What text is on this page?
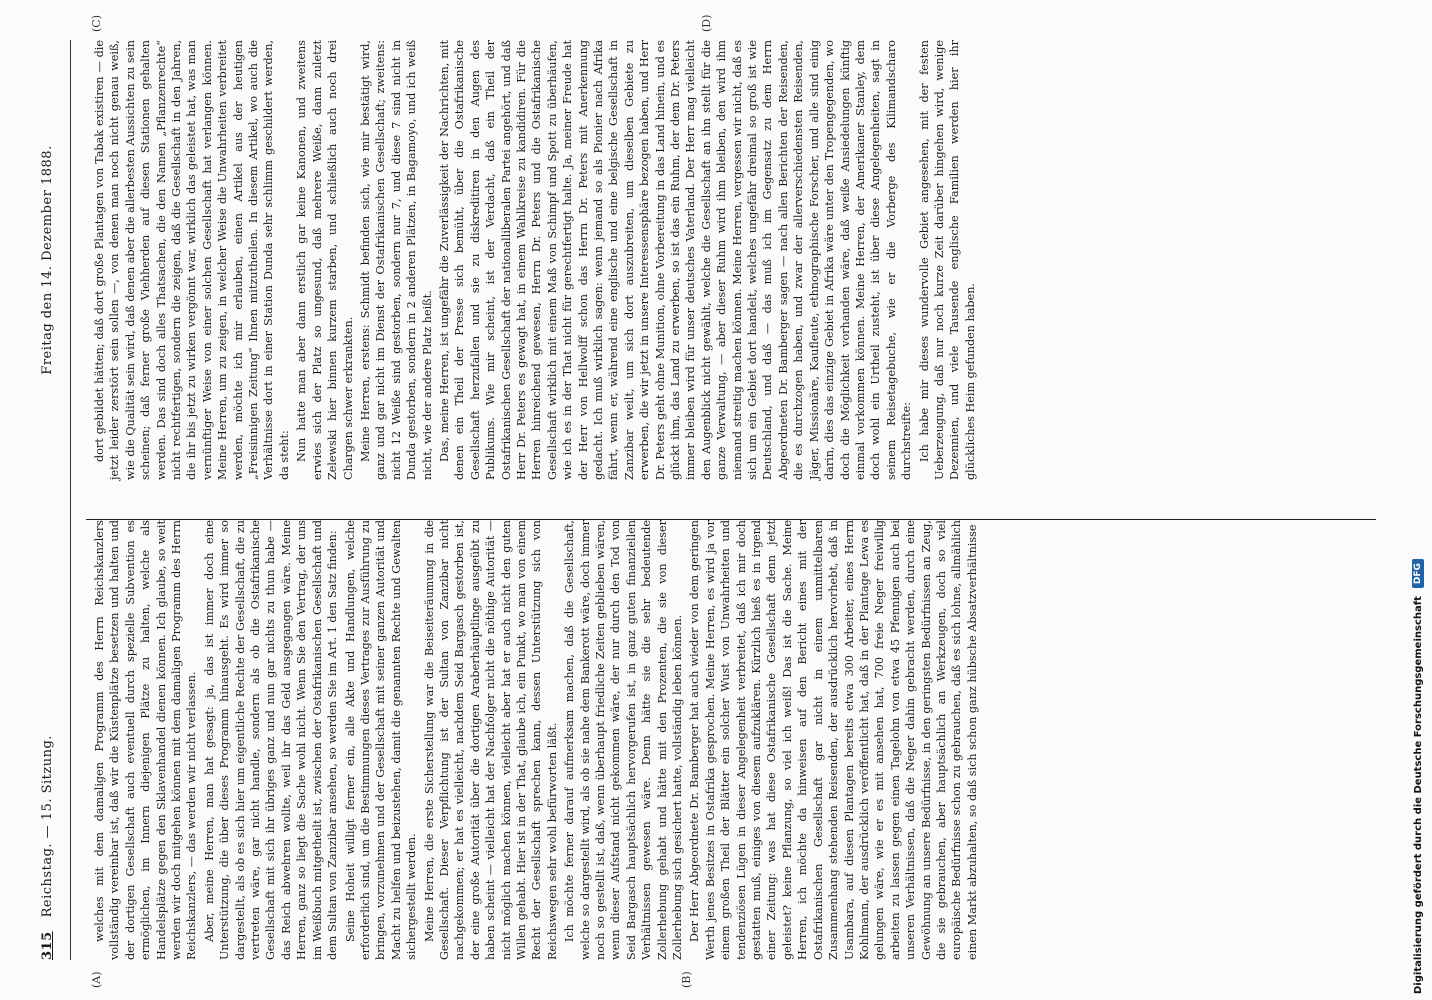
315
Reichstag. — 15. Sitzung.
Freitag den 14. Dezember 1888.
(A)	(B)
(C)	(D)

welches mit dem damaligen Programm des Herrn Reichskanzlers vollständig vereinbar ist, daß wir die Küstenplätze besetzen und halten und der dortigen Gesellschaft auch eventuell durch spezielle Subvention es ermöglichen, im Innern diejenigen Plätze zu halten, welche als Handelsplätze gegen den Sklavenhandel dienen können. Ich glaube, so weit werden wir doch mitgehen können mit dem damaligen Programm des Herrn Reichskanzlers, — das werden wir nicht verlassen. Aber, meine Herren, man hat gesagt: ja, das ist immer doch eine Unterstützung, die über dieses Programm hinausgeht. Es wird immer so dargestellt, als ob es sich hier um eigentliche Rechte der Gesellschaft, die zu vertreten wäre, gar nicht handle, sondern als ob die Ostafrikanische Gesellschaft mit sich ihr übriges ganz und nun gar nichts zu thun habe — das Reich abwehren wollte, weil ihr das Geld ausgegangen wäre. Meine Herren, ganz so liegt die Sache wohl nicht. Wenn Sie den Vertrag, der uns im Weißbuch mitgetheilt ist, zwischen der Ostafrikanischen Gesellschaft und dem Sultan von Zanzibar ansehen, so werden Sie im Art. 1 den Satz finden: Seine Hoheit willigt ferner ein, alle Akte und Handlungen, welche erforderlich sind, um die Bestimmungen dieses Vertrages zur Ausführung zu bringen, vorzunehmen und der Gesellschaft mit seiner ganzen Autorität und Macht zu helfen und beizustehen, damit die genannten Rechte und Gewalten sichergestellt werden. Meine Herren, die erste Sicherstellung war die Beiseiteräumung in die Gesellschaft. Dieser Verpflichtung ist der Sultan von Zanzibar nicht nachgekommen; er hat es vielleicht, nachdem Seid Bargasch gestorben ist, der eine große Autorität über die dortigen Araberhäuptlinge ausgeübt zu haben scheint — vielleicht hat der Nachfolger nicht die nöthige Autorität — nicht möglich machen können, vielleicht aber hat er auch nicht den guten Willen gehabt. Hier ist in der That, glaube ich, ein Punkt, wo man von einem Recht der Gesellschaft sprechen kann, dessen Unterstützung sich von Reichswegen sehr wohl befürworten läßt. Ich möchte ferner darauf aufmerksam machen, daß die Gesellschaft, welche so dargestellt wird, als ob sie nahe dem Bankerott wäre, doch immer noch so gestellt ist, daß, wenn überhaupt friedliche Zeiten geblieben wären, wenn dieser Aufstand nicht gekommen wäre, der nur durch den Tod von Seid Bargasch hauptsächlich hervorgerufen ist, in ganz guten finanziellen Verhältnissen gewesen wäre. Denn hätte sie die sehr bedeutende Zollerhebung gehabt und hätte mit den Prozenten, die sie von dieser Zollerhebung sich gesichert hatte, vollständig leben können. Der Herr Abgeordnete Dr. Bamberger hat auch wieder von dem geringen Werth jenes Besitzes in Ostafrika gesprochen. Meine Herren, es wird ja vor einem großen Theil der Blätter ein solcher Wust von Unwahrheiten und tendenziösen Lügen in dieser Angelegenheit verbreitet, daß ich mir doch gestatten muß, einiges von diesem aufzuklären. Kürzlich hieß es in irgend einer Zeitung: was hat diese Ostafrikanische Gesellschaft denn jetzt geleistet? keine Pflanzung, so viel ich weiß! Das ist die Sache. Meine Herren, ich möchte da hinweisen auf den Bericht eines mit der Ostafrikanischen Gesellschaft gar nicht in einem unmittelbaren Zusammenhang stehenden Reisenden, der ausdrücklich hervorhebt, daß in Usambara, auf diesen Plantagen bereits etwa 300 Arbeiter, eines Herrn Kohlmann, der ausdrücklich veröffentlicht hat, daß in der Plantage Lewa es gelungen wäre, wie er es mit ansehen hat, 700 freie Neger freiwillig arbeiten zu lassen gegen einen Tagelohn von etwa 45 Pfennigen auch bei unseren Verhältnissen, daß die Neger dahin gebracht werden, durch eine Gewöhnung an unsere Bedürfnisse, in den geringsten Bedürfnissen an Zeug, die sie gebrauchen, aber hauptsächlich an Werkzeugen, doch so viel europäische Bedürfnisse schon zu gebrauchen, daß es sich lohne, allmählich einen Markt abzuhalten, so daß sich schon ganz hübsche Absatzverhältnisse

dort gebildet hätten; daß dort große Plantagen von Tabak existiren — die jetzt leider zerstört sein sollen —, von denen man noch nicht genau weiß, wie die Qualität sein wird, daß denen aber die allerbesten Aussichten zu sein scheinen; daß ferner große Viehherden auf diesen Stationen gehalten werden. Das sind doch alles Thatsachen, die den Namen „Pflanzenrechte“ nicht rechtfertigen, sondern die zeigen, daß die Gesellschaft in den Jahren, die ihr bis jetzt zu wirken vergönnt war, wirklich das geleistet hat, was man vernünftiger Weise von einer solchen Gesellschaft hat verlangen können. Meine Herren, um zu zeigen, in welcher Weise die Unwahrheiten verbreitet werden, möchte ich mir erlauben, einen Artikel aus der heutigen „Freisinnigen Zeitung“ Ihnen mitzutheilen. In diesem Artikel, wo auch die Verhältnisse dort in einer Station Dunda sehr schlimm geschildert werden, da steht: Nun hatte man aber dann erstlich gar keine Kanonen, und zweitens erwies sich der Platz so ungesund, daß mehrere Weiße, dann zuletzt Zelewski hier binnen kurzem starben, und schließlich auch noch drei Chargen schwer erkrankten. Meine Herren, erstens: Schmidt befinden sich, wie mir bestätigt wird, ganz und gar nicht im Dienst der Ostafrikanischen Gesellschaft; zweitens: nicht 12 Weiße sind gestorben, sondern nur 7, und diese 7 sind nicht in Dunda gestorben, sondern in 2 anderen Plätzen, in Bagamoyo, und ich weiß nicht, wie der andere Platz heißt. Das, meine Herren, ist ungefähr die Zuverlässigkeit der Nachrichten, mit denen ein Theil der Presse sich bemüht, über die Ostafrikanische Gesellschaft herzufallen und sie zu diskreditiren in den Augen des Publikums. Wie mir scheint, ist der Verdacht, daß ein Theil der Ostafrikanischen Gesellschaft der nationalliberalen Partei angehört, und daß Herr Dr. Peters es gewagt hat, in einem Wahlkreise zu kandidiren. Für die Herren hinreichend gewesen, Herrn Dr. Peters und die Ostafrikanische Gesellschaft wirklich mit einem Maß von Schimpf und Spott zu überhäufen, wie ich es in der That nicht für gerechtfertigt halte. Ja, meiner Freude hat der Herr von Hellwolff schon das Herrn Dr. Peters mit Anerkennung gedacht. Ich muß wirklich sagen: wenn jemand so als Pionier nach Afrika fährt, wenn er, während eine englische und eine belgische Gesellschaft in Zanzibar weilt, um sich dort auszubreiten, um dieselben Gebiete zu erwerben, die wir jetzt in unsere Interessensphäre bezogen haben, und Herr Dr. Peters geht ohne Munition, ohne Vorbereitung in das Land hinein, und es glückt ihm, das Land zu erwerben, so ist das ein Ruhm, der dem Dr. Peters immer bleiben wird für unser deutsches Vaterland. Der Herr mag vielleicht den Augenblick nicht gewählt, welche die Gesellschaft an ihn stellt für die ganze Verwaltung, — aber dieser Ruhm wird ihm bleiben, den wird ihm niemand streitig machen können. Meine Herren, vergessen wir nicht, daß es sich um ein Gebiet dort handelt, welches ungefähr dreimal so groß ist wie Deutschland, und daß — das muß ich im Gegensatz zu dem Herrn Abgeordneten Dr. Bamberger sagen — nach allen Berichten der Reisenden, die es durchzogen haben, und zwar der allerverschiedensten Reisenden, Jäger, Missionäre, Kaufleute, ethnographische Forscher, und alle sind einig darin, dies das einzige Gebiet in Afrika wäre unter den Tropengegenden, wo doch die Möglichkeit vorhanden wäre, daß weiße Ansiedelungen künftig einmal vorkommen können. Meine Herren, der Amerikaner Stanley, dem doch wohl ein Urtheil zusteht, ist über diese Angelegenheiten, sagt in seinem Reisetagebuche, wie er die Vorberge des Kilimandscharo durchstreifte: Ich habe mir dieses wundervolle Gebiet angesehen, mit der festen Ueberzeugung, daß nur noch kurze Zeit darüber hingehen wird, wenige Dezennien, und viele Tausende englische Familien werden hier ihr glückliches Heim gefunden haben.

Digitalisierung gefördert durch die Deutsche Forschungsgemeinschaft
DFG
